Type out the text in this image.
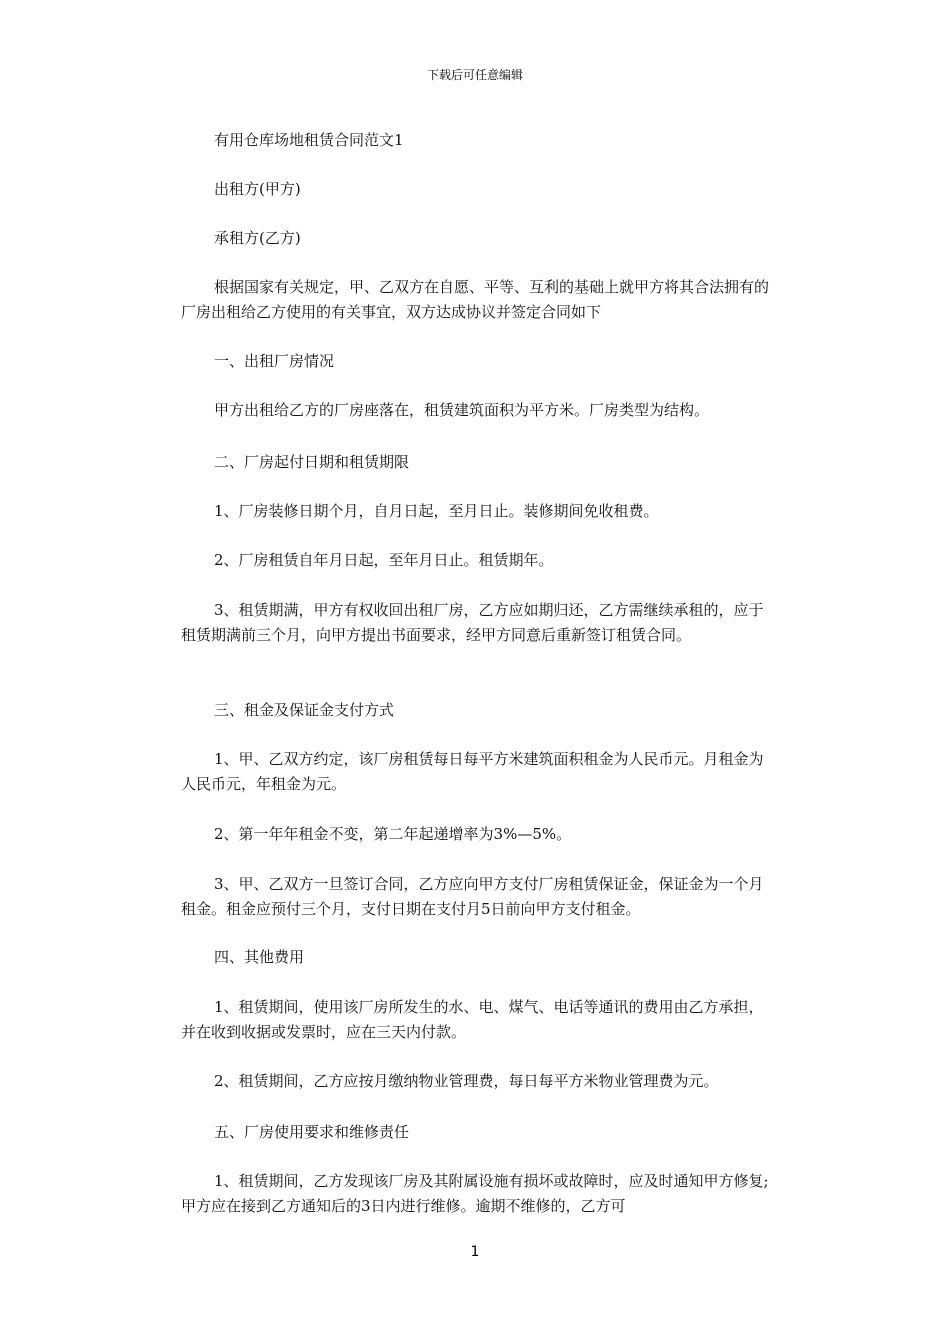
下载后可任意编辑

有用仓库场地租赁合同范文1

出租方(甲方)

承租方(乙方)

根据国家有关规定，甲、乙双方在自愿、平等、互利的基础上就甲方将其合法拥有的厂房出租给乙方使用的有关事宜，双方达成协议并签定合同如下

一、出租厂房情况

甲方出租给乙方的厂房座落在，租赁建筑面积为平方米。厂房类型为结构。

二、厂房起付日期和租赁期限

1、厂房装修日期个月，自月日起，至月日止。装修期间免收租费。

2、厂房租赁自年月日起，至年月日止。租赁期年。

3、租赁期满，甲方有权收回出租厂房，乙方应如期归还，乙方需继续承租的，应于租赁期满前三个月，向甲方提出书面要求，经甲方同意后重新签订租赁合同。

三、租金及保证金支付方式

1、甲、乙双方约定，该厂房租赁每日每平方米建筑面积租金为人民币元。月租金为人民币元，年租金为元。

2、第一年年租金不变，第二年起递增率为3%—5%。

3、甲、乙双方一旦签订合同，乙方应向甲方支付厂房租赁保证金，保证金为一个月租金。租金应预付三个月，支付日期在支付月5日前向甲方支付租金。

四、其他费用

1、租赁期间，使用该厂房所发生的水、电、煤气、电话等通讯的费用由乙方承担，并在收到收据或发票时，应在三天内付款。

2、租赁期间，乙方应按月缴纳物业管理费，每日每平方米物业管理费为元。

五、厂房使用要求和维修责任

1、租赁期间，乙方发现该厂房及其附属设施有损坏或故障时，应及时通知甲方修复;甲方应在接到乙方通知后的3日内进行维修。逾期不维修的，乙方可

1
